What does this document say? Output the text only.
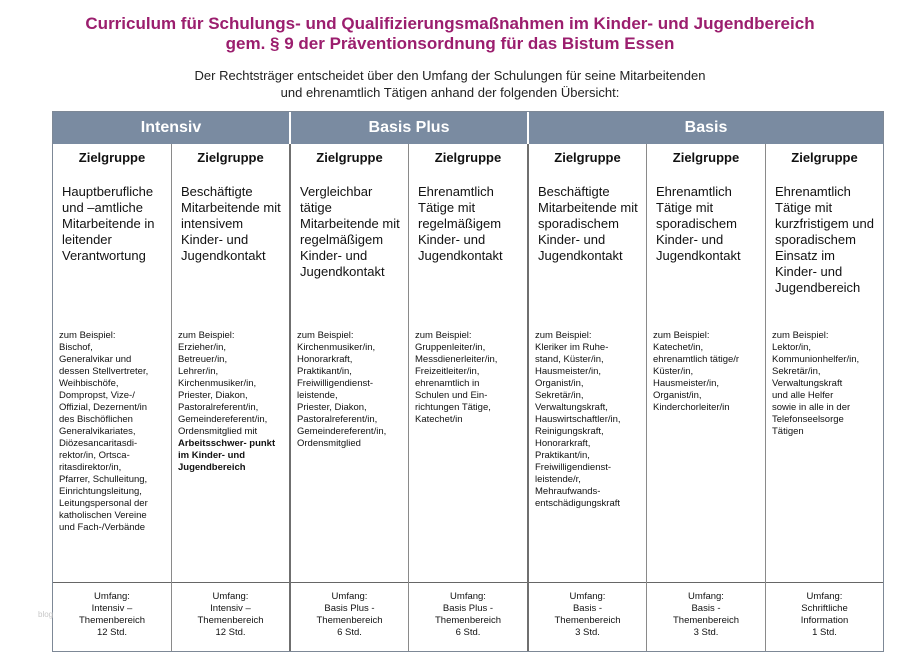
Curriculum für Schulungs- und Qualifizierungsmaßnahmen im Kinder- und Jugendbereich
gem. § 9 der Präventionsordnung für das Bistum Essen
Der Rechtsträger entscheidet über den Umfang der Schulungen für seine Mitarbeitenden
und ehrenamtlich Tätigen anhand der folgenden Übersicht:
Intensiv	Basis Plus	Basis
Zielgruppe
Hauptberufliche und –amtliche Mitarbeitende in leitender Verantwortung
zum Beispiel:
Bischof,
Generalvikar und
dessen Stellvertreter,
Weihbischöfe,
Dompropst, Vize-/
Offizial, Dezernent/in
des Bischöflichen
Generalvikariates,
Diözesancaritasdi-
rektor/in, Ortsca-
ritasdirektor/in,
Pfarrer, Schulleitung,
Einrichtungsleitung,
Leitungspersonal der
katholischen Vereine
und Fach-/Verbände
Umfang:
Intensiv –
Themenbereich
12 Std.
Zielgruppe
Beschäftigte Mitarbeitende mit intensivem Kinder- und Jugendkontakt
zum Beispiel:
Erzieher/in,
Betreuer/in,
Lehrer/in,
Kirchenmusiker/in,
Priester, Diakon,
Pastoralreferent/in,
Gemeindereferent/in,
Ordensmitglied mit
Arbeitsschwer- punkt im Kinder- und Jugendbereich
Umfang:
Intensiv –
Themenbereich
12 Std.
Zielgruppe
Vergleichbar tätige Mitarbeitende mit regelmäßigem Kinder- und Jugendkontakt
zum Beispiel:
Kirchenmusiker/in,
Honorarkraft,
Praktikant/in,
Freiwilligendienst-
leistende,
Priester, Diakon,
Pastoralreferent/in,
Gemeindereferent/in,
Ordensmitglied
Umfang:
Basis Plus -
Themenbereich
6 Std.
Zielgruppe
Ehrenamtlich Tätige mit regelmäßigem Kinder- und Jugendkontakt
zum Beispiel:
Gruppenleiter/in,
Messdienerleiter/in,
Freizeitleiter/in,
ehrenamtlich in
Schulen und Ein-
richtungen Tätige,
Katechet/in
Umfang:
Basis Plus -
Themenbereich
6 Std.
Zielgruppe
Beschäftigte Mitarbeitende mit sporadischem Kinder- und Jugendkontakt
zum Beispiel:
Kleriker im Ruhe-
stand, Küster/in,
Hausmeister/in,
Organist/in,
Sekretär/in,
Verwaltungskraft,
Hauswirtschaftler/in,
Reinigungskraft,
Honorarkraft,
Praktikant/in,
Freiwilligendienst-
leistende/r,
Mehraufwands-
entschädigungskraft
Umfang:
Basis -
Themenbereich
3 Std.
Zielgruppe
Ehrenamtlich Tätige mit sporadischem Kinder- und Jugendkontakt
zum Beispiel:
Katechet/in,
ehrenamtlich tätige/r
Küster/in,
Hausmeister/in,
Organist/in,
Kinderchorleiter/in
Umfang:
Basis -
Themenbereich
3 Std.
Zielgruppe
Ehrenamtlich Tätige mit kurzfristigem und sporadischem Einsatz im Kinder- und Jugendbereich
zum Beispiel:
Lektor/in,
Kommunionhelfer/in,
Sekretär/in,
Verwaltungskraft
und alle Helfer
sowie in alle in der
Telefonseelsorge
Tätigen
Umfang:
Schriftliche
Information
1 Std.
blog
